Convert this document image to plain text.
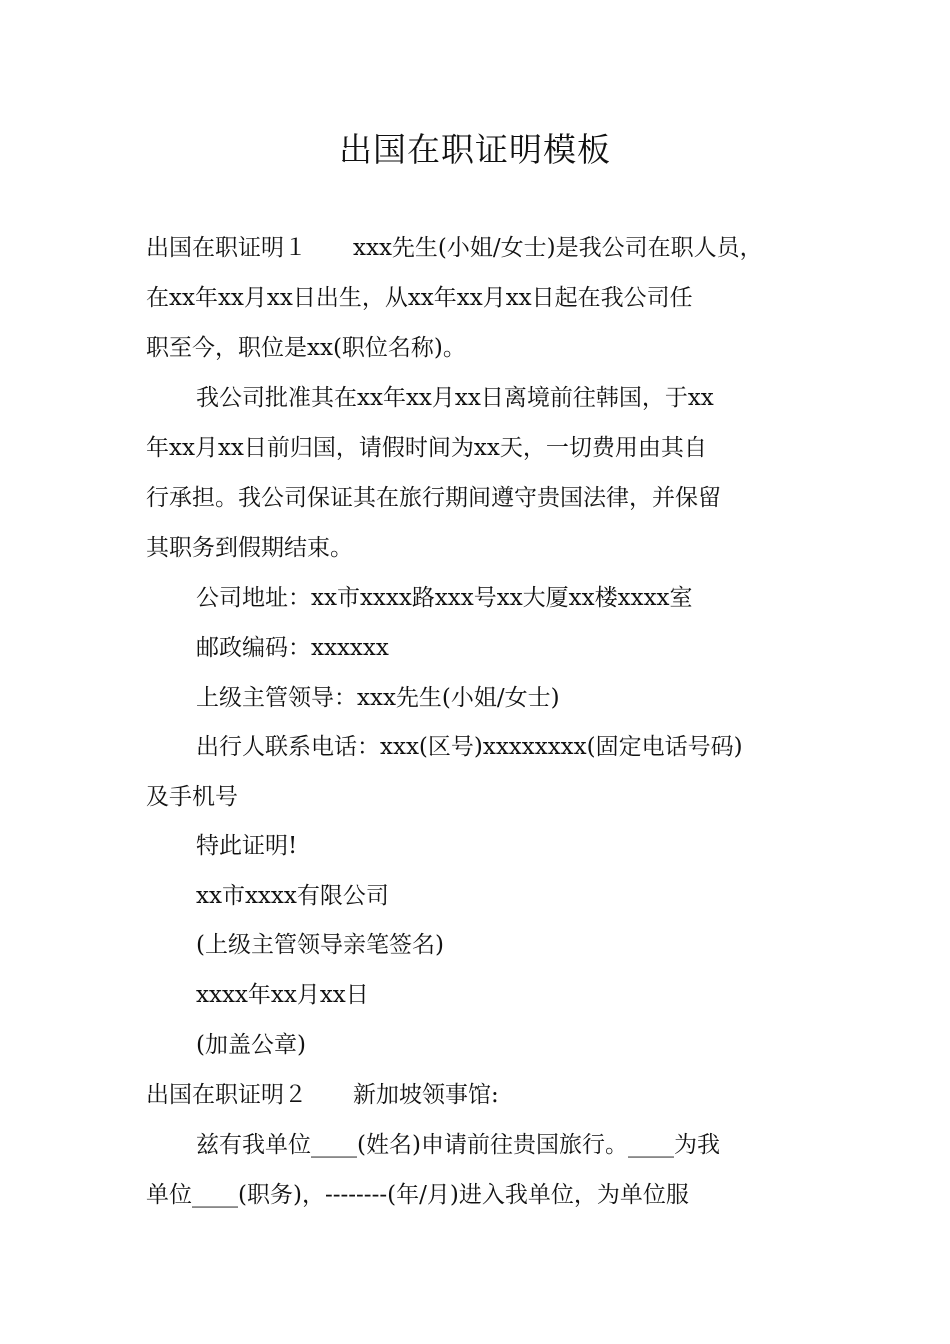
出国在职证明模板
出国在职证明１　　xxx先生(小姐/女士)是我公司在职人员，
在xx年xx月xx日出生，从xx年xx月xx日起在我公司任
职至今，职位是xx(职位名称)。
我公司批准其在xx年xx月xx日离境前往韩国，于xx
年xx月xx日前归国，请假时间为xx天，一切费用由其自
行承担。我公司保证其在旅行期间遵守贵国法律，并保留
其职务到假期结束。
公司地址：xx市xxxx路xxx号xx大厦xx楼xxxx室
邮政编码：xxxxxx
上级主管领导：xxx先生(小姐/女士)
出行人联系电话：xxx(区号)xxxxxxxx(固定电话号码)
及手机号
特此证明!
xx市xxxx有限公司
(上级主管领导亲笔签名)
xxxx年xx月xx日
(加盖公章)
出国在职证明２　　新加坡领事馆:
兹有我单位____(姓名)申请前往贵国旅行。____为我
单位____(职务)，--------(年/月)进入我单位，为单位服
